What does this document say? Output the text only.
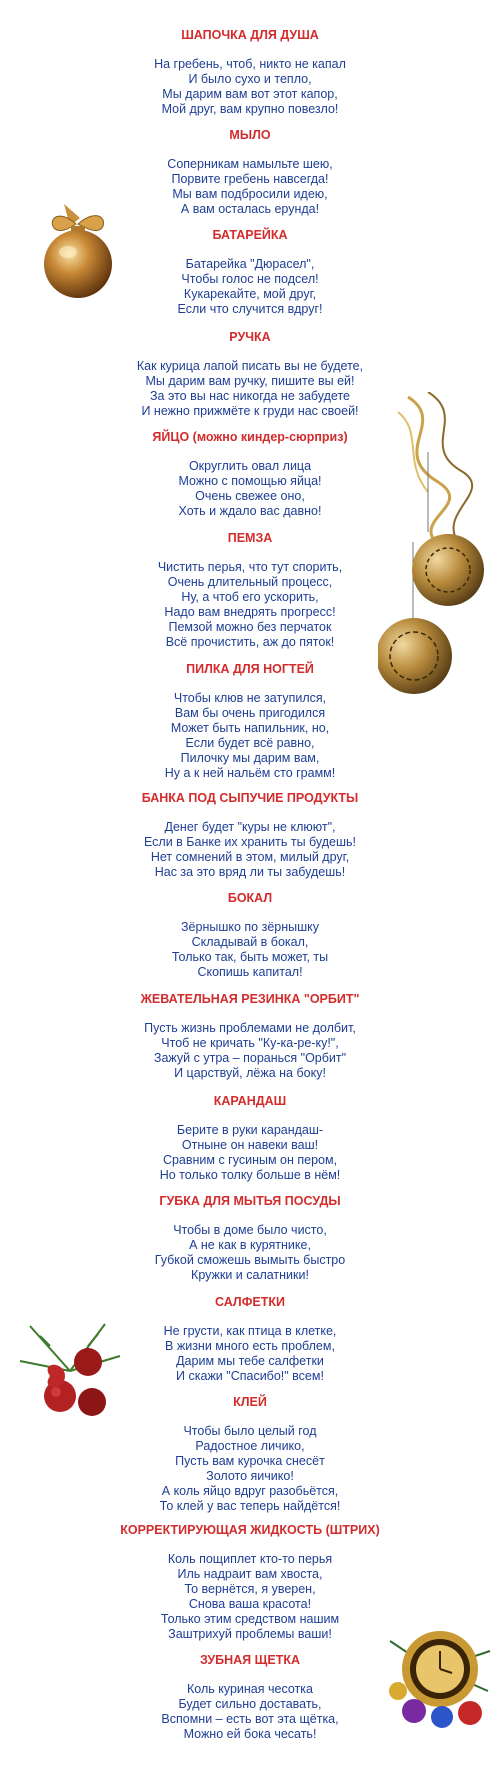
ШАПОЧКА ДЛЯ ДУША
На гребень, чтоб, никто не капал
И было сухо и тепло,
Мы дарим вам вот этот капор,
Мой друг, вам крупно повезло!
МЫЛО
Соперникам намыльте шею,
Порвите гребень навсегда!
Мы вам подбросили идею,
А вам осталась ерунда!
БАТАРЕЙКА
Батарейка "Дюрасел",
Чтобы голос не подсел!
Кукарекайте, мой друг,
Если что случится вдруг!
РУЧКА
Как курица лапой писать вы не будете,
Мы дарим вам ручку, пишите вы ей!
За это вы нас никогда не забудете
И нежно прижмёте к груди нас своей!
ЯЙЦО (можно киндер-сюрприз)
Округлить овал лица
Можно с помощью яйца!
Очень свежее оно,
Хоть и ждало вас давно!
ПЕМЗА
Чистить перья, что тут спорить,
Очень длительный процесс,
Ну, а чтоб его ускорить,
Надо вам внедрять прогресс!
Пемзой можно без перчаток
Всё прочистить, аж до пяток!
ПИЛКА ДЛЯ НОГТЕЙ
Чтобы клюв не затупился,
Вам бы очень пригодился
Может быть напильник, но,
Если будет всё равно,
Пилочку мы дарим вам,
Ну а к ней нальём сто грамм!
БАНКА ПОД СЫПУЧИЕ ПРОДУКТЫ
Денег будет "куры не клюют",
Если в Банке их хранить ты будешь!
Нет сомнений в этом, милый друг,
Нас за это вряд ли ты забудешь!
БОКАЛ
Зёрнышко по зёрнышку
Складывай в бокал,
Только так, быть может, ты
Скопишь капитал!
ЖЕВАТЕЛЬНАЯ РЕЗИНКА "ОРБИТ"
Пусть жизнь проблемами не долбит,
Чтоб не кричать "Ку-ка-ре-ку!",
Зажуй с утра – поранься "Орбит"
И царствуй, лёжа на боку!
КАРАНДАШ
Берите в руки карандаш-
Отныне он навеки ваш!
Сравним с гусиным он пером,
Но только толку больше в нём!
ГУБКА ДЛЯ МЫТЬЯ ПОСУДЫ
Чтобы в доме было чисто,
А не как в курятнике,
Губкой сможешь вымыть быстро
Кружки и салатники!
САЛФЕТКИ
Не грусти, как птица в клетке,
В жизни много есть проблем,
Дарим мы тебе салфетки
И скажи "Спасибо!" всем!
КЛЕЙ
Чтобы было целый год
Радостное личико,
Пусть вам курочка снесёт
Золото яичико!
А коль яйцо вдруг разобьётся,
То клей у вас теперь найдётся!
КОРРЕКТИРУЮЩАЯ ЖИДКОСТЬ (ШТРИХ)
Коль пощиплет кто-то перья
Иль надраит вам хвоста,
То вернётся, я уверен,
Снова ваша красота!
Только этим средством нашим
Заштрихуй проблемы ваши!
ЗУБНАЯ ЩЕТКА
Коль куриная чесотка
Будет сильно доставать,
Вспомни – есть вот эта щётка,
Можно ей бока чесать!
